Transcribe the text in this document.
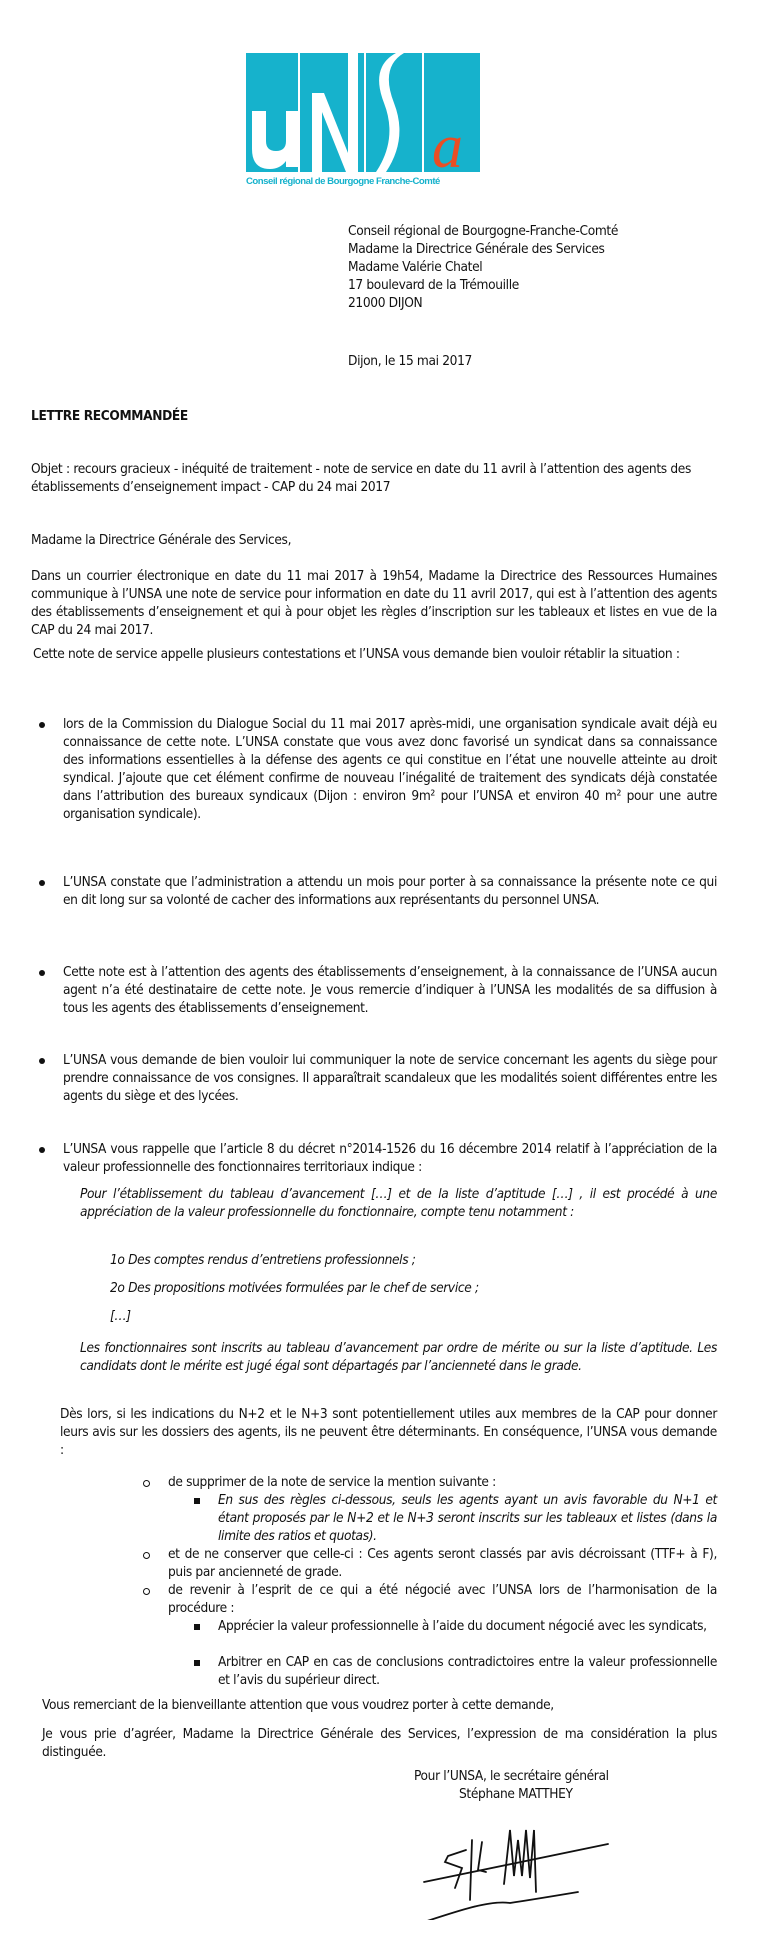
a
Conseil régional de Bourgogne Franche-Comté
Conseil régional de Bourgogne-Franche-Comté
Madame la Directrice Générale des Services
Madame Valérie Chatel
17 boulevard de la Trémouille
21000 DIJON
Dijon, le 15 mai 2017
LETTRE RECOMMANDÉE
Objet : recours gracieux - inéquité de traitement - note de service en date du 11 avril à l’attention des agents des établissements d’enseignement impact - CAP du 24 mai 2017
Madame la Directrice Générale des Services,
Dans un courrier électronique en date du 11 mai 2017 à 19h54, Madame la Directrice des Ressources Humaines communique à l’UNSA une note de service pour information en date du 11 avril 2017, qui est à l’attention des agents des établissements d’enseignement et qui à pour objet les règles d’inscription sur les tableaux et listes en vue de la CAP du 24 mai 2017.
Cette note de service appelle plusieurs contestations et l’UNSA vous demande bien vouloir rétablir la situation :
lors de la Commission du Dialogue Social du 11 mai 2017 après-midi, une organisation syndicale avait déjà eu connaissance de cette note. L’UNSA constate que vous avez donc favorisé un syndicat dans sa connaissance des informations essentielles à la défense des agents ce qui constitue en l’état une nouvelle atteinte au droit syndical. J’ajoute que cet élément confirme de nouveau l’inégalité de traitement des syndicats déjà constatée dans l’attribution des bureaux syndicaux (Dijon : environ 9m² pour l’UNSA et environ 40 m² pour une autre organisation syndicale).
L’UNSA constate que l’administration a attendu un mois pour porter à sa connaissance la présente note ce qui en dit long sur sa volonté de cacher des informations aux représentants du personnel UNSA.
Cette note est à l’attention des agents des établissements d’enseignement, à la connaissance de l’UNSA aucun agent n’a été destinataire de cette note. Je vous remercie d’indiquer à l’UNSA les modalités de sa diffusion à tous les agents des établissements d’enseignement.
L’UNSA vous demande de bien vouloir lui communiquer la note de service concernant les agents du siège pour prendre connaissance de vos consignes. Il apparaîtrait scandaleux que les modalités soient différentes entre les agents du siège et des lycées.
L’UNSA vous rappelle que l’article 8 du décret n°2014-1526 du 16 décembre 2014 relatif à l’appréciation de la valeur professionnelle des fonctionnaires territoriaux indique :
Pour l’établissement du tableau d’avancement […] et de la liste d’aptitude […] , il est procédé à une appréciation de la valeur professionnelle du fonctionnaire, compte tenu notamment :
1o Des comptes rendus d’entretiens professionnels ;
2o Des propositions motivées formulées par le chef de service ;
[…]
Les fonctionnaires sont inscrits au tableau d’avancement par ordre de mérite ou sur la liste d’aptitude. Les candidats dont le mérite est jugé égal sont départagés par l’ancienneté dans le grade.
Dès lors, si les indications du N+2 et le N+3 sont potentiellement utiles aux membres de la CAP pour donner leurs avis sur les dossiers des agents, ils ne peuvent être déterminants. En conséquence, l’UNSA vous demande :
de supprimer de la note de service la mention suivante :
En sus des règles ci-dessous, seuls les agents ayant un avis favorable du N+1 et étant proposés par le N+2 et le N+3 seront inscrits sur les tableaux et listes (dans la limite des ratios et quotas).
et de ne conserver que celle-ci : Ces agents seront classés par avis décroissant (TTF+ à F), puis par ancienneté de grade.
de revenir à l’esprit de ce qui a été négocié avec l’UNSA lors de l’harmonisation de la procédure :
Apprécier la valeur professionnelle à l’aide du document négocié avec les syndicats,
Arbitrer en CAP en cas de conclusions contradictoires entre la valeur professionnelle et l’avis du supérieur direct.
Vous remerciant de la bienveillante attention que vous voudrez porter à cette demande,
Je vous prie d’agréer, Madame la Directrice Générale des Services, l’expression de ma considération la plus distinguée.
Pour l’UNSA, le secrétaire général
Stéphane MATTHEY
